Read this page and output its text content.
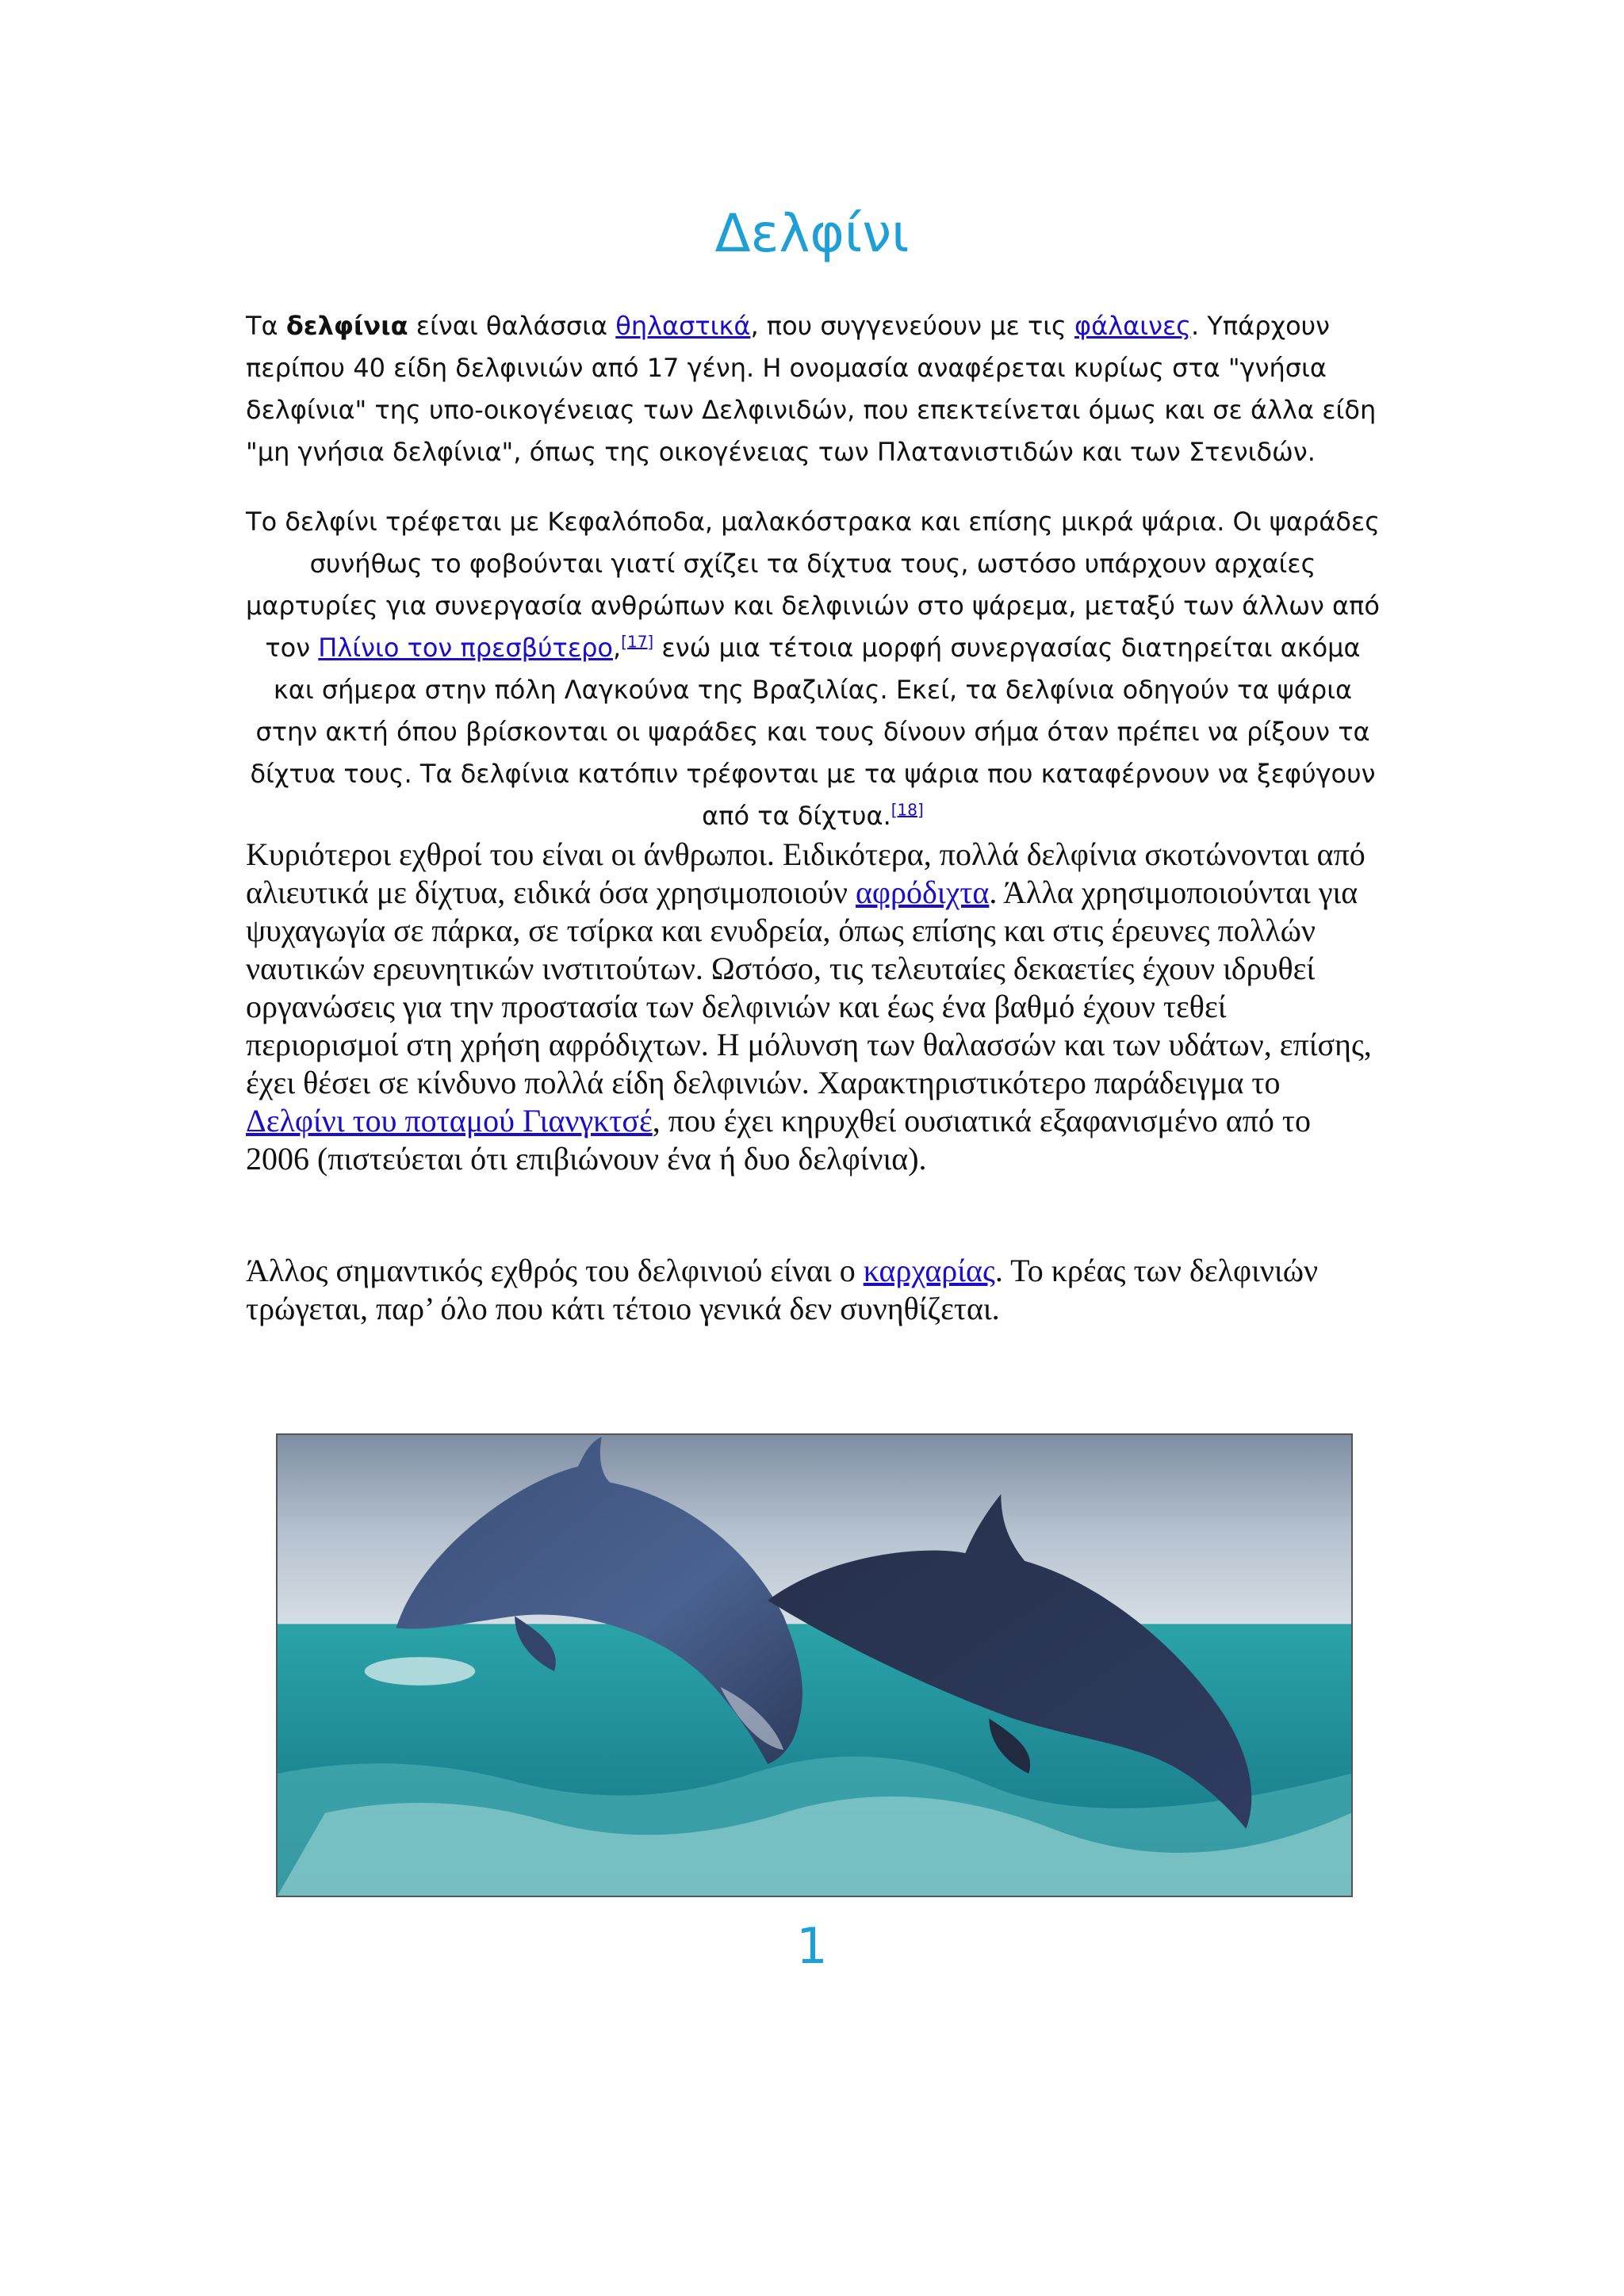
Δελφίνι

Τα δελφίνια είναι θαλάσσια θηλαστικά, που συγγενεύουν με τις φάλαινες. Υπάρχουν περίπου 40 είδη δελφινιών από 17 γένη. Η ονομασία αναφέρεται κυρίως στα "γνήσια δελφίνια" της υπο-οικογένειας των Δελφινιδών, που επεκτείνεται όμως και σε άλλα είδη "μη γνήσια δελφίνια", όπως της οικογένειας των Πλατανιστιδών και των Στενιδών.

Το δελφίνι τρέφεται με Κεφαλόποδα, μαλακόστρακα και επίσης μικρά ψάρια. Οι ψαράδες συνήθως το φοβούνται γιατί σχίζει τα δίχτυα τους, ωστόσο υπάρχουν αρχαίες μαρτυρίες για συνεργασία ανθρώπων και δελφινιών στο ψάρεμα, μεταξύ των άλλων από τον Πλίνιο τον πρεσβύτερο,[17] ενώ μια τέτοια μορφή συνεργασίας διατηρείται ακόμα και σήμερα στην πόλη Λαγκούνα της Βραζιλίας. Εκεί, τα δελφίνια οδηγούν τα ψάρια στην ακτή όπου βρίσκονται οι ψαράδες και τους δίνουν σήμα όταν πρέπει να ρίξουν τα δίχτυα τους. Τα δελφίνια κατόπιν τρέφονται με τα ψάρια που καταφέρνουν να ξεφύγουν από τα δίχτυα.[18]

Κυριότεροι εχθροί του είναι οι άνθρωποι. Ειδικότερα, πολλά δελφίνια σκοτώνονται από αλιευτικά με δίχτυα, ειδικά όσα χρησιμοποιούν αφρόδιχτα. Άλλα χρησιμοποιούνται για ψυχαγωγία σε πάρκα, σε τσίρκα και ενυδρεία, όπως επίσης και στις έρευνες πολλών ναυτικών ερευνητικών ινστιτούτων. Ωστόσο, τις τελευταίες δεκαετίες έχουν ιδρυθεί οργανώσεις για την προστασία των δελφινιών και έως ένα βαθμό έχουν τεθεί περιορισμοί στη χρήση αφρόδιχτων. Η μόλυνση των θαλασσών και των υδάτων, επίσης, έχει θέσει σε κίνδυνο πολλά είδη δελφινιών. Χαρακτηριστικότερο παράδειγμα το Δελφίνι του ποταμού Γιανγκτσέ, που έχει κηρυχθεί ουσιατικά εξαφανισμένο από το 2006 (πιστεύεται ότι επιβιώνουν ένα ή δυο δελφίνια).

Άλλος σημαντικός εχθρός του δελφινιού είναι ο καρχαρίας. Το κρέας των δελφινιών τρώγεται, παρ’ όλο που κάτι τέτοιο γενικά δεν συνηθίζεται.

1
